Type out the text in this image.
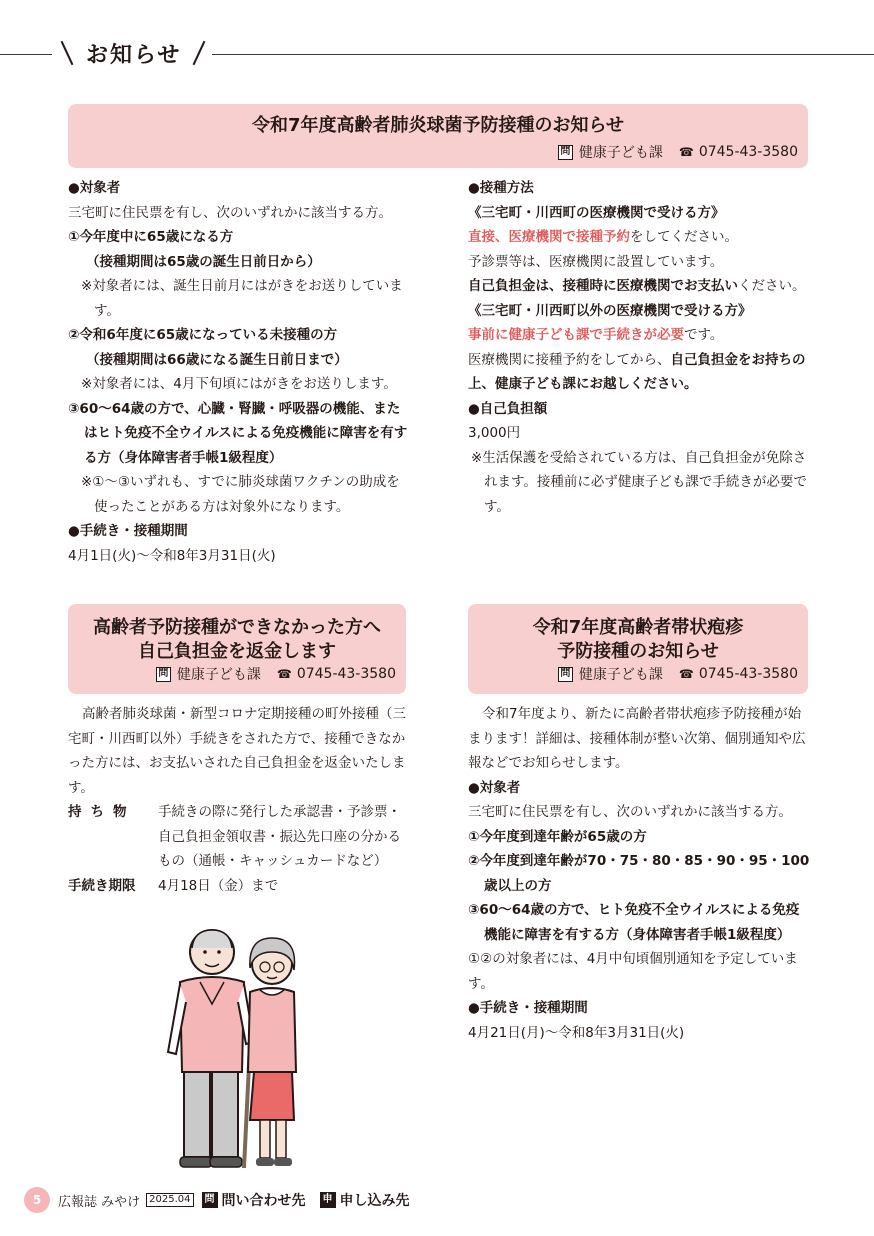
お知らせ
令和7年度高齢者肺炎球菌予防接種のお知らせ
問 健康子ども課 ☎ 0745-43-3580
●対象者
三宅町に住民票を有し、次のいずれかに該当する方。
①今年度中に65歳になる方
（接種期間は65歳の誕生日前日から）
※対象者には、誕生日前月にはがきをお送りしています。
②令和6年度に65歳になっている未接種の方
（接種期間は66歳になる誕生日前日まで）
※対象者には、4月下旬頃にはがきをお送りします。
③60～64歳の方で、心臓・腎臓・呼吸器の機能、またはヒト免疫不全ウイルスによる免疫機能に障害を有する方（身体障害者手帳1級程度）
※①～③いずれも、すでに肺炎球菌ワクチンの助成を使ったことがある方は対象外になります。
●手続き・接種期間
4月1日(火)～令和8年3月31日(火)
●接種方法
《三宅町・川西町の医療機関で受ける方》
直接、医療機関で接種予約をしてください。
予診票等は、医療機関に設置しています。
自己負担金は、接種時に医療機関でお支払いください。
《三宅町・川西町以外の医療機関で受ける方》
事前に健康子ども課で手続きが必要です。
医療機関に接種予約をしてから、自己負担金をお持ちの上、健康子ども課にお越しください。
●自己負担額
3,000円
※生活保護を受給されている方は、自己負担金が免除されます。接種前に必ず健康子ども課で手続きが必要です。
高齢者予防接種ができなかった方へ
自己負担金を返金します
問 健康子ども課 ☎ 0745-43-3580
高齢者肺炎球菌・新型コロナ定期接種の町外接種（三宅町・川西町以外）手続きをされた方で、接種できなかった方には、お支払いされた自己負担金を返金いたします。
持ち物	手続きの際に発行した承認書・予診票・自己負担金領収書・振込先口座の分かるもの（通帳・キャッシュカードなど）
手続き期限	4月18日（金）まで
令和7年度高齢者帯状疱疹
予防接種のお知らせ
問 健康子ども課 ☎ 0745-43-3580
令和7年度より、新たに高齢者帯状疱疹予防接種が始まります！詳細は、接種体制が整い次第、個別通知や広報などでお知らせします。
●対象者
三宅町に住民票を有し、次のいずれかに該当する方。
①今年度到達年齢が65歳の方
②今年度到達年齢が70・75・80・85・90・95・100歳以上の方
③60～64歳の方で、ヒト免疫不全ウイルスによる免疫機能に障害を有する方（身体障害者手帳1級程度）
①②の対象者には、4月中旬頃個別通知を予定しています。
●手続き・接種期間
4月21日(月)～令和8年3月31日(火)
5	広報誌 みやけ 2025.04	問 問い合わせ先	申 申し込み先
